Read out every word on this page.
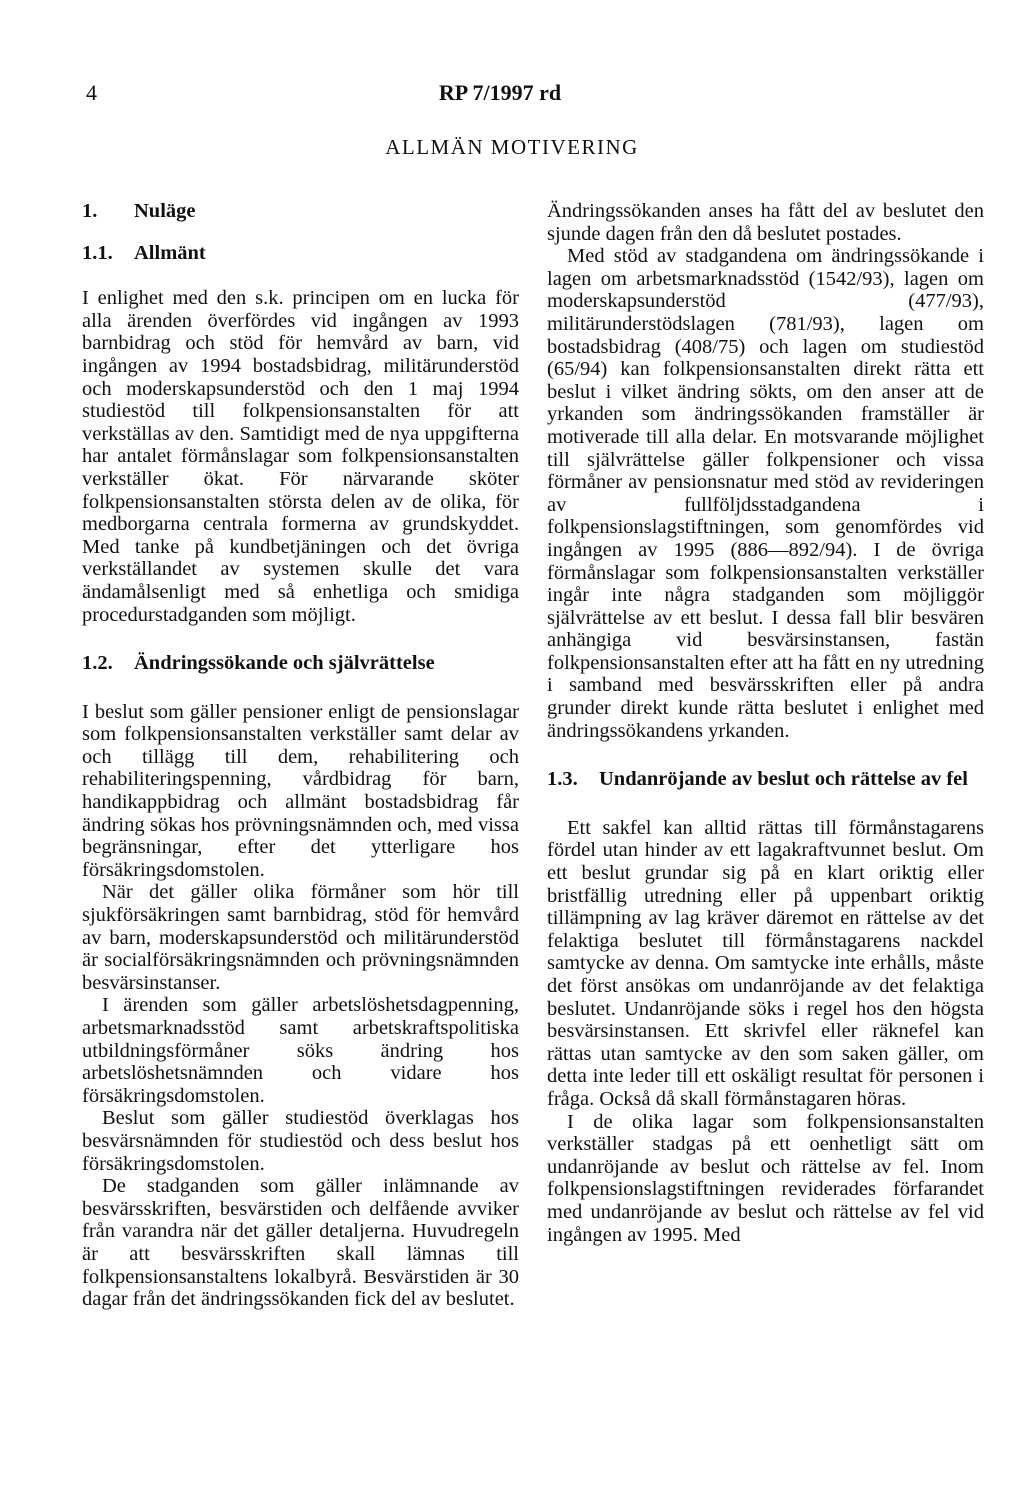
4	RP 7/1997 rd
ALLMÄN MOTIVERING
1.	Nuläge
1.1.	Allmänt

I enlighet med den s.k. principen om en lucka för alla ärenden överfördes vid ingången av 1993 barnbidrag och stöd för hemvård av barn, vid ingången av 1994 bostadsbidrag, militärunderstöd och moderskapsunderstöd och den 1 maj 1994 studiestöd till folkpensionsanstalten för att verkställas av den. Samtidigt med de nya uppgifterna har antalet förmånslagar som folkpensionsanstalten verkställer ökat. För närvarande sköter folkpensionsanstalten största delen av de olika, för medborgarna centrala formerna av grundskyddet. Med tanke på kundbetjäningen och det övriga verkställandet av systemen skulle det vara ändamålsenligt med så enhetliga och smidiga procedurstadganden som möjligt.

1.2.	Ändringssökande och självrättelse

I beslut som gäller pensioner enligt de pensionslagar som folkpensionsanstalten verkställer samt delar av och tillägg till dem, rehabilitering och rehabiliteringspenning, vårdbidrag för barn, handikappbidrag och allmänt bostadsbidrag får ändring sökas hos prövningsnämnden och, med vissa begränsningar, efter det ytterligare hos försäkringsdomstolen.

När det gäller olika förmåner som hör till sjukförsäkringen samt barnbidrag, stöd för hemvård av barn, moderskapsunderstöd och militärunderstöd är socialförsäkringsnämnden och prövningsnämnden besvärsinstanser.

I ärenden som gäller arbetslöshetsdagpenning, arbetsmarknadsstöd samt arbetskraftspolitiska utbildningsförmåner söks ändring hos arbetslöshetsnämnden och vidare hos försäkringsdomstolen.

Beslut som gäller studiestöd överklagas hos besvärsnämnden för studiestöd och dess beslut hos försäkringsdomstolen.

De stadganden som gäller inlämnande av besvärsskriften, besvärstiden och delfående avviker från varandra när det gäller detaljerna. Huvudregeln är att besvärsskriften skall lämnas till folkpensionsanstaltens lokalbyrå. Besvärstiden är 30 dagar från det ändringssökanden fick del av beslutet.

Ändringssökanden anses ha fått del av beslutet den sjunde dagen från den då beslutet postades.

Med stöd av stadgandena om ändringssökande i lagen om arbetsmarknadsstöd (1542/93), lagen om moderskapsunderstöd (477/93), militärunderstödslagen (781/93), lagen om bostadsbidrag (408/75) och lagen om studiestöd (65/94) kan folkpensionsanstalten direkt rätta ett beslut i vilket ändring sökts, om den anser att de yrkanden som ändringssökanden framställer är motiverade till alla delar. En motsvarande möjlighet till självrättelse gäller folkpensioner och vissa förmåner av pensionsnatur med stöd av revideringen av fullföljdsstadgandena i folkpensionslagstiftningen, som genomfördes vid ingången av 1995 (886—892/94). I de övriga förmånslagar som folkpensionsanstalten verkställer ingår inte några stadganden som möjliggör självrättelse av ett beslut. I dessa fall blir besvären anhängiga vid besvärsinstansen, fastän folkpensionsanstalten efter att ha fått en ny utredning i samband med besvärsskriften eller på andra grunder direkt kunde rätta beslutet i enlighet med ändringssökandens yrkanden.

1.3.	Undanröjande av beslut och rättelse av fel

Ett sakfel kan alltid rättas till förmånstagarens fördel utan hinder av ett lagakraftvunnet beslut. Om ett beslut grundar sig på en klart oriktig eller bristfällig utredning eller på uppenbart oriktig tillämpning av lag kräver däremot en rättelse av det felaktiga beslutet till förmånstagarens nackdel samtycke av denna. Om samtycke inte erhålls, måste det först ansökas om undanröjande av det felaktiga beslutet. Undanröjande söks i regel hos den högsta besvärsinstansen. Ett skrivfel eller räknefel kan rättas utan samtycke av den som saken gäller, om detta inte leder till ett oskäligt resultat för personen i fråga. Också då skall förmånstagaren höras.

I de olika lagar som folkpensionsanstalten verkställer stadgas på ett oenhetligt sätt om undanröjande av beslut och rättelse av fel. Inom folkpensionslagstiftningen reviderades förfarandet med undanröjande av beslut och rättelse av fel vid ingången av 1995. Med
